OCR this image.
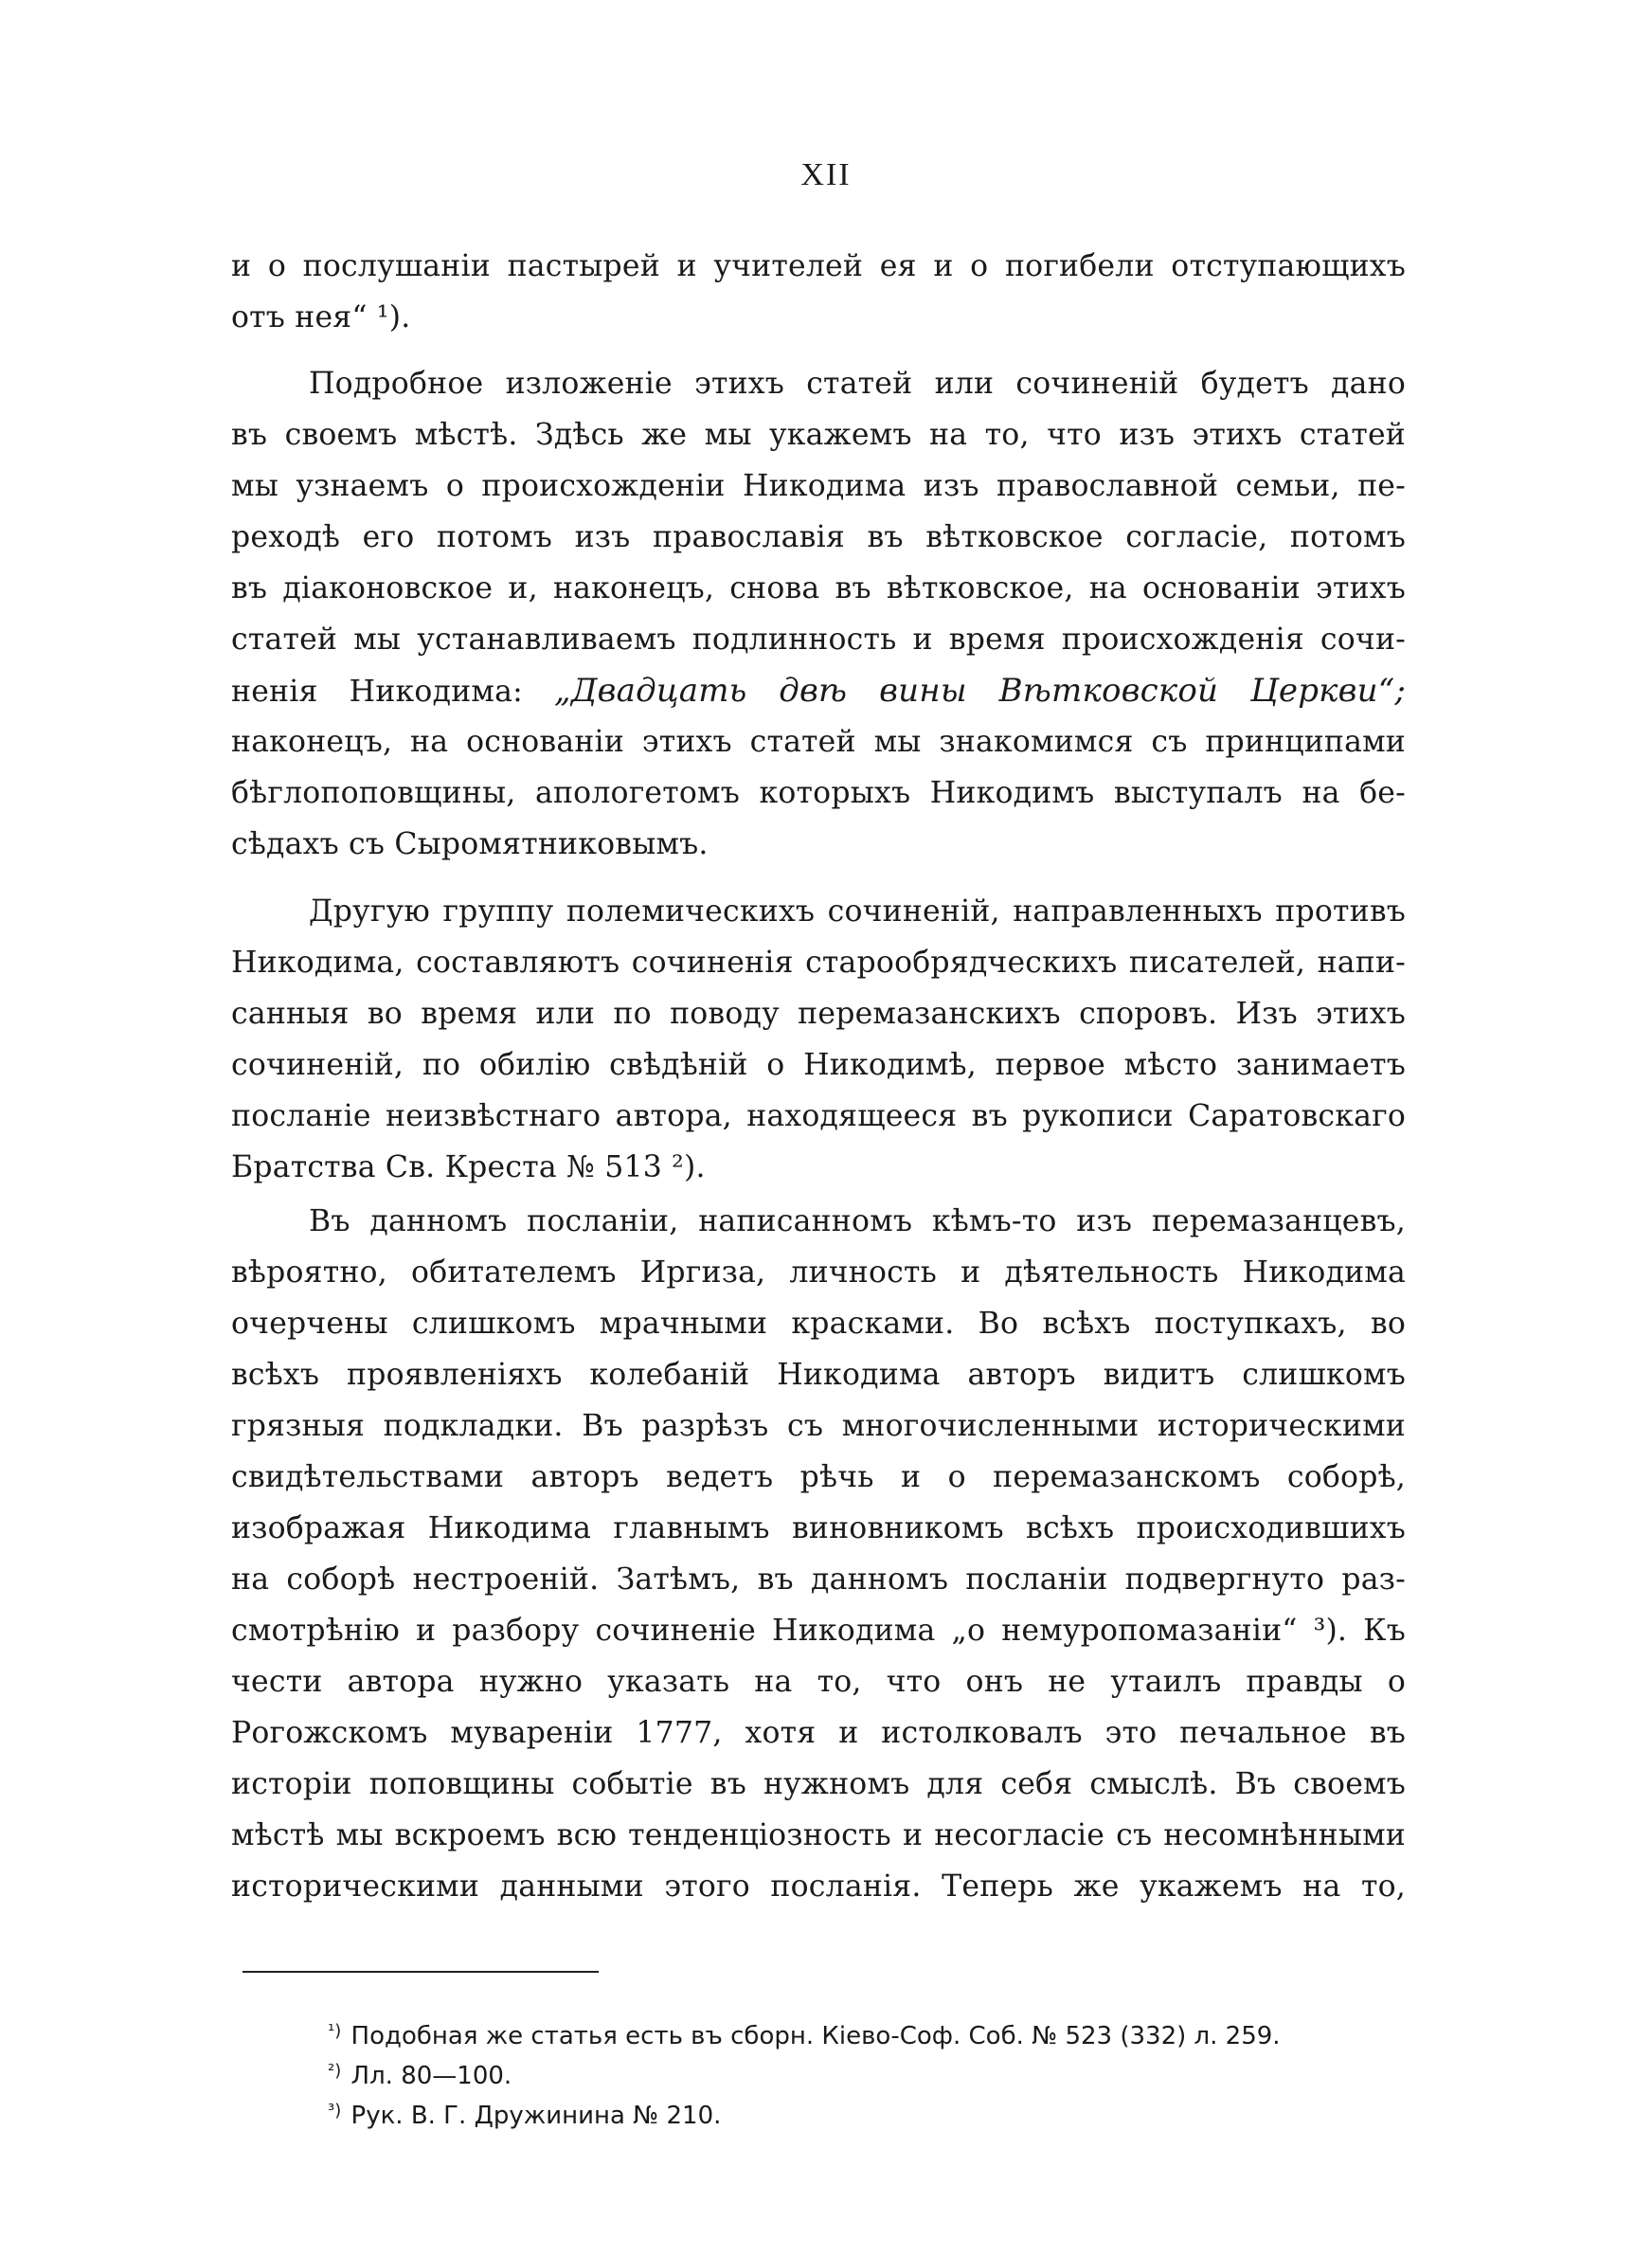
XII
и о послушаніи пастырей и учителей ея и о погибели отступающихъ
отъ нея“ ¹).
Подробное изложеніе этихъ статей или сочиненій будетъ дано
въ своемъ мѣстѣ. Здѣсь же мы укажемъ на то, что изъ этихъ статей
мы узнаемъ о происхожденіи Никодима изъ православной семьи, пе-
реходѣ его потомъ изъ православія въ вѣтковское согласіе, потомъ
въ діаконовское и, наконецъ, снова въ вѣтковское, на основаніи этихъ
статей мы устанавливаемъ подлинность и время происхожденія сочи-
ненія Никодима: „Двадцать двѣ вины Вѣтковской Церкви“;
наконецъ, на основаніи этихъ статей мы знакомимся съ принципами
бѣглопоповщины, апологетомъ которыхъ Никодимъ выступалъ на бе-
сѣдахъ съ Сыромятниковымъ.
Другую группу полемическихъ сочиненій, направленныхъ противъ
Никодима, составляютъ сочиненія старообрядческихъ писателей, напи-
санныя во время или по поводу перемазанскихъ споровъ. Изъ этихъ
сочиненій, по обилію свѣдѣній о Никодимѣ, первое мѣсто занимаетъ
посланіе неизвѣстнаго автора, находящееся въ рукописи Саратовскаго
Братства Св. Креста № 513 ²).
Въ данномъ посланіи, написанномъ кѣмъ-то изъ перемазанцевъ,
вѣроятно, обитателемъ Иргиза, личность и дѣятельность Никодима
очерчены слишкомъ мрачными красками. Во всѣхъ поступкахъ, во
всѣхъ проявленіяхъ колебаній Никодима авторъ видитъ слишкомъ
грязныя подкладки. Въ разрѣзъ съ многочисленными историческими
свидѣтельствами авторъ ведетъ рѣчь и о перемазанскомъ соборѣ,
изображая Никодима главнымъ виновникомъ всѣхъ происходившихъ
на соборѣ нестроеній. Затѣмъ, въ данномъ посланіи подвергнуто раз-
смотрѣнію и разбору сочиненіе Никодима „о немуропомазаніи“ ³). Къ
чести автора нужно указать на то, что онъ не утаилъ правды о
Рогожскомъ мувареніи 1777, хотя и истолковалъ это печальное въ
исторіи поповщины событіе въ нужномъ для себя смыслѣ. Въ своемъ
мѣстѣ мы вскроемъ всю тенденціозность и несогласіе съ несомнѣнными
историческими данными этого посланія. Теперь же укажемъ на то,
$^{^1)}$ Подобная же статья есть въ сборн. Кіево-Соф. Соб. № 523 (332) л. 259.
$^{^2)}$ Лл. 80—100.
$^{^3)}$ Рук. В. Г. Дружинина № 210.
